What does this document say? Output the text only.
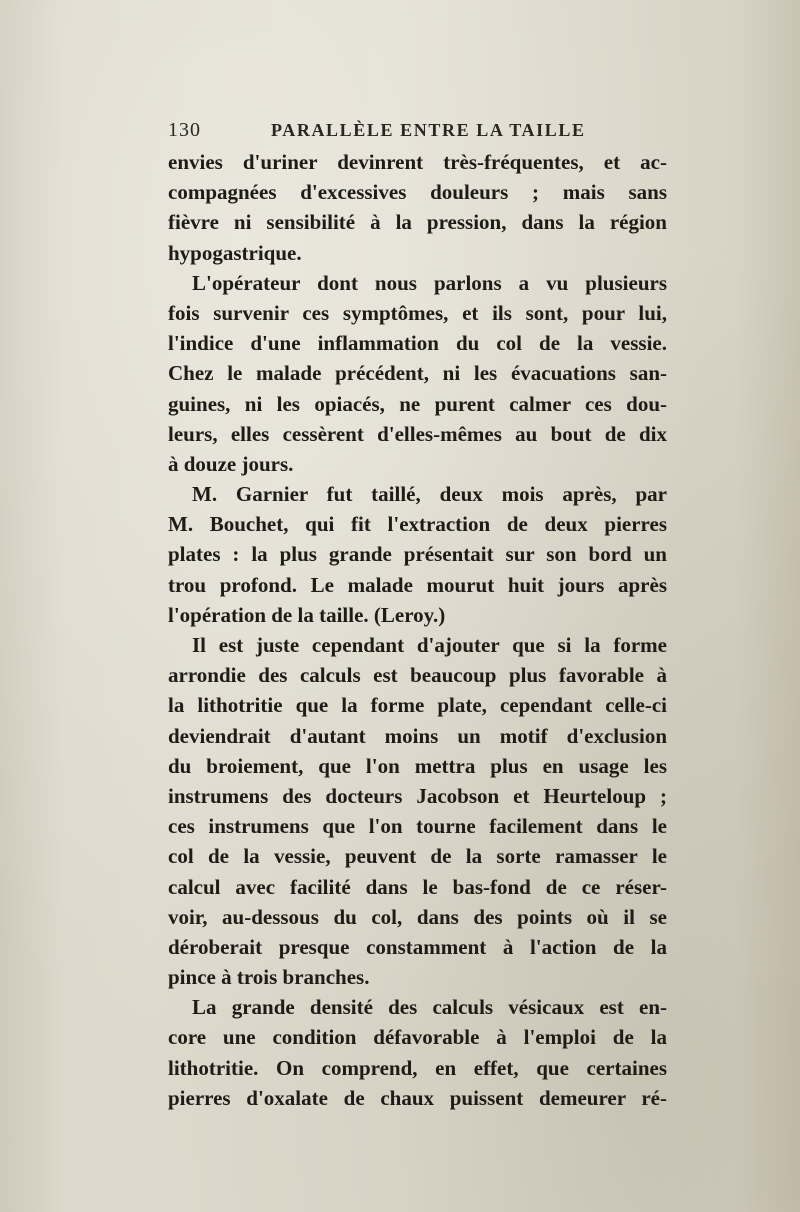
130	PARALLÈLE ENTRE LA TAILLE
envies d'uriner devinrent très-fréquentes, et ac-
compagnées d'excessives douleurs ; mais sans
fièvre ni sensibilité à la pression, dans la région
hypogastrique.
L'opérateur dont nous parlons a vu plusieurs
fois survenir ces symptômes, et ils sont, pour lui,
l'indice d'une inflammation du col de la vessie.
Chez le malade précédent, ni les évacuations san-
guines, ni les opiacés, ne purent calmer ces dou-
leurs, elles cessèrent d'elles-mêmes au bout de dix
à douze jours.
M. Garnier fut taillé, deux mois après, par
M. Bouchet, qui fit l'extraction de deux pierres
plates : la plus grande présentait sur son bord un
trou profond. Le malade mourut huit jours après
l'opération de la taille. (Leroy.)
Il est juste cependant d'ajouter que si la forme
arrondie des calculs est beaucoup plus favorable à
la lithotritie que la forme plate, cependant celle-ci
deviendrait d'autant moins un motif d'exclusion
du broiement, que l'on mettra plus en usage les
instrumens des docteurs Jacobson et Heurteloup ;
ces instrumens que l'on tourne facilement dans le
col de la vessie, peuvent de la sorte ramasser le
calcul avec facilité dans le bas-fond de ce réser-
voir, au-dessous du col, dans des points où il se
déroberait presque constamment à l'action de la
pince à trois branches.
La grande densité des calculs vésicaux est en-
core une condition défavorable à l'emploi de la
lithotritie. On comprend, en effet, que certaines
pierres d'oxalate de chaux puissent demeurer ré-
